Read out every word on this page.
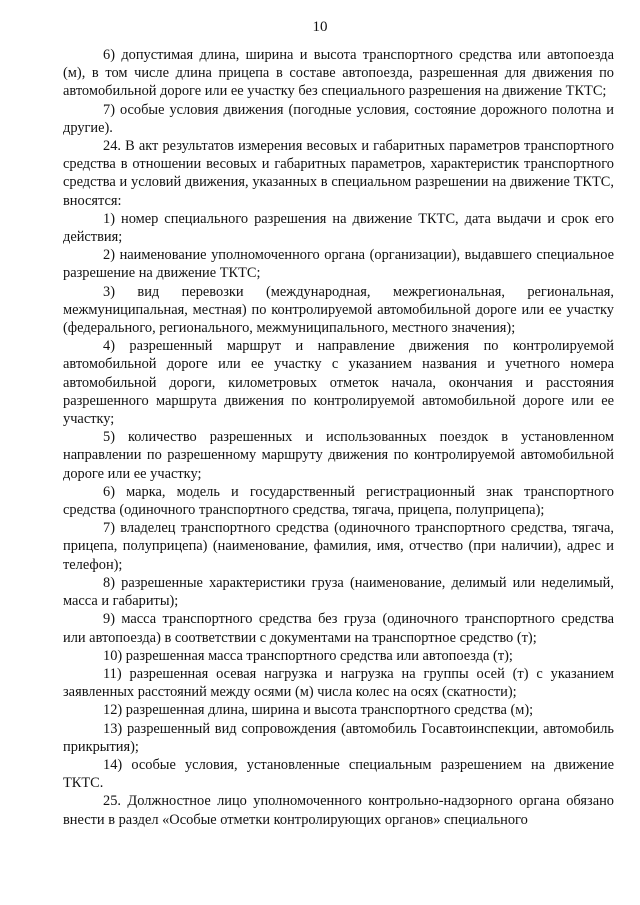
10

6) допустимая длина, ширина и высота транспортного средства или автопоезда (м), в том числе длина прицепа в составе автопоезда, разрешенная для движения по автомобильной дороге или ее участку без специального разрешения на движение ТКТС;

7) особые условия движения (погодные условия, состояние дорожного полотна и другие).

24. В акт результатов измерения весовых и габаритных параметров транспортного средства в отношении весовых и габаритных параметров, характеристик транспортного средства и условий движения, указанных в специальном разрешении на движение ТКТС, вносятся:

1) номер специального разрешения на движение ТКТС, дата выдачи и срок его действия;

2) наименование уполномоченного органа (организации), выдавшего специальное разрешение на движение ТКТС;

3) вид перевозки (международная, межрегиональная, региональная, межмуниципальная, местная) по контролируемой автомобильной дороге или ее участку (федерального, регионального, межмуниципального, местного значения);

4) разрешенный маршрут и направление движения по контролируемой автомобильной дороге или ее участку с указанием названия и учетного номера автомобильной дороги, километровых отметок начала, окончания и расстояния разрешенного маршрута движения по контролируемой автомобильной дороге или ее участку;

5) количество разрешенных и использованных поездок в установленном направлении по разрешенному маршруту движения по контролируемой автомобильной дороге или ее участку;

6) марка, модель и государственный регистрационный знак транспортного средства (одиночного транспортного средства, тягача, прицепа, полуприцепа);

7) владелец транспортного средства (одиночного транспортного средства, тягача, прицепа, полуприцепа) (наименование, фамилия, имя, отчество (при наличии), адрес и телефон);

8) разрешенные характеристики груза (наименование, делимый или неделимый, масса и габариты);

9) масса транспортного средства без груза (одиночного транспортного средства или автопоезда) в соответствии с документами на транспортное средство (т);

10) разрешенная масса транспортного средства или автопоезда (т);

11) разрешенная осевая нагрузка и нагрузка на группы осей (т) с указанием заявленных расстояний между осями (м) числа колес на осях (скатности);

12) разрешенная длина, ширина и высота транспортного средства (м);

13) разрешенный вид сопровождения (автомобиль Госавтоинспекции, автомобиль прикрытия);

14) особые условия, установленные специальным разрешением на движение ТКТС.

25. Должностное лицо уполномоченного контрольно-надзорного органа обязано внести в раздел «Особые отметки контролирующих органов» специального
